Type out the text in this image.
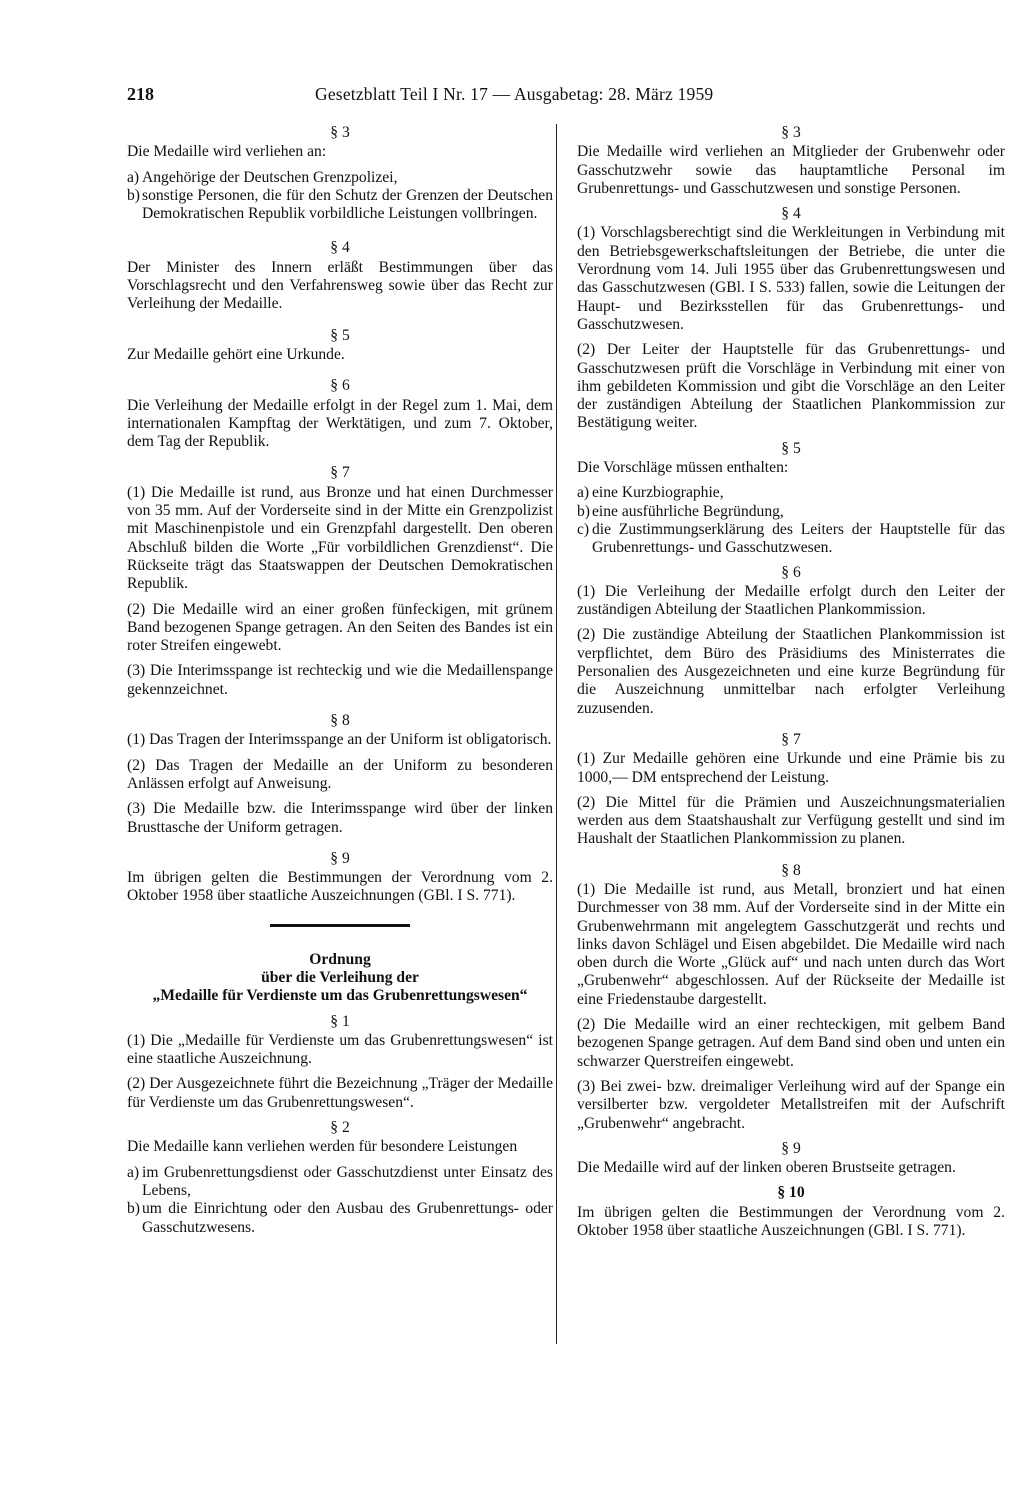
218	Gesetzblatt Teil I Nr. 17 — Ausgabetag: 28. März 1959
§ 3
Die Medaille wird verliehen an:
a) Angehörige der Deutschen Grenzpolizei,
b) sonstige Personen, die für den Schutz der Grenzen der Deutschen Demokratischen Republik vorbildliche Leistungen vollbringen.
§ 4
Der Minister des Innern erläßt Bestimmungen über das Vorschlagsrecht und den Verfahrensweg sowie über das Recht zur Verleihung der Medaille.
§ 5
Zur Medaille gehört eine Urkunde.
§ 6
Die Verleihung der Medaille erfolgt in der Regel zum 1. Mai, dem internationalen Kampftag der Werktätigen, und zum 7. Oktober, dem Tag der Republik.
§ 7
(1) Die Medaille ist rund, aus Bronze und hat einen Durchmesser von 35 mm. Auf der Vorderseite sind in der Mitte ein Grenzpolizist mit Maschinenpistole und ein Grenzpfahl dargestellt. Den oberen Abschluß bilden die Worte „Für vorbildlichen Grenzdienst“. Die Rückseite trägt das Staatswappen der Deutschen Demokratischen Republik.
(2) Die Medaille wird an einer großen fünfeckigen, mit grünem Band bezogenen Spange getragen. An den Seiten des Bandes ist ein roter Streifen eingewebt.
(3) Die Interimsspange ist rechteckig und wie die Medaillenspange gekennzeichnet.
§ 8
(1) Das Tragen der Interimsspange an der Uniform ist obligatorisch.
(2) Das Tragen der Medaille an der Uniform zu besonderen Anlässen erfolgt auf Anweisung.
(3) Die Medaille bzw. die Interimsspange wird über der linken Brusttasche der Uniform getragen.
§ 9
Im übrigen gelten die Bestimmungen der Verordnung vom 2. Oktober 1958 über staatliche Auszeichnungen (GBl. I S. 771).
Ordnung
über die Verleihung der
„Medaille für Verdienste um das Grubenrettungswesen“
§ 1
(1) Die „Medaille für Verdienste um das Grubenrettungswesen“ ist eine staatliche Auszeichnung.
(2) Der Ausgezeichnete führt die Bezeichnung „Träger der Medaille für Verdienste um das Grubenrettungswesen“.
§ 2
Die Medaille kann verliehen werden für besondere Leistungen
a) im Grubenrettungsdienst oder Gasschutzdienst unter Einsatz des Lebens,
b) um die Einrichtung oder den Ausbau des Grubenrettungs- oder Gasschutzwesens.
§ 3
Die Medaille wird verliehen an Mitglieder der Grubenwehr oder Gasschutzwehr sowie das hauptamtliche Personal im Grubenrettungs- und Gasschutzwesen und sonstige Personen.
§ 4
(1) Vorschlagsberechtigt sind die Werkleitungen in Verbindung mit den Betriebsgewerkschaftsleitungen der Betriebe, die unter die Verordnung vom 14. Juli 1955 über das Grubenrettungswesen und das Gasschutzwesen (GBl. I S. 533) fallen, sowie die Leitungen der Haupt- und Bezirksstellen für das Grubenrettungs- und Gasschutzwesen.
(2) Der Leiter der Hauptstelle für das Grubenrettungs- und Gasschutzwesen prüft die Vorschläge in Verbindung mit einer von ihm gebildeten Kommission und gibt die Vorschläge an den Leiter der zuständigen Abteilung der Staatlichen Plankommission zur Bestätigung weiter.
§ 5
Die Vorschläge müssen enthalten:
a) eine Kurzbiographie,
b) eine ausführliche Begründung,
c) die Zustimmungserklärung des Leiters der Hauptstelle für das Grubenrettungs- und Gasschutzwesen.
§ 6
(1) Die Verleihung der Medaille erfolgt durch den Leiter der zuständigen Abteilung der Staatlichen Plankommission.
(2) Die zuständige Abteilung der Staatlichen Plankommission ist verpflichtet, dem Büro des Präsidiums des Ministerrates die Personalien des Ausgezeichneten und eine kurze Begründung für die Auszeichnung unmittelbar nach erfolgter Verleihung zuzusenden.
§ 7
(1) Zur Medaille gehören eine Urkunde und eine Prämie bis zu 1000,— DM entsprechend der Leistung.
(2) Die Mittel für die Prämien und Auszeichnungsmaterialien werden aus dem Staatshaushalt zur Verfügung gestellt und sind im Haushalt der Staatlichen Plankommission zu planen.
§ 8
(1) Die Medaille ist rund, aus Metall, bronziert und hat einen Durchmesser von 38 mm. Auf der Vorderseite sind in der Mitte ein Grubenwehrmann mit angelegtem Gasschutzgerät und rechts und links davon Schlägel und Eisen abgebildet. Die Medaille wird nach oben durch die Worte „Glück auf“ und nach unten durch das Wort „Grubenwehr“ abgeschlossen. Auf der Rückseite der Medaille ist eine Friedenstaube dargestellt.
(2) Die Medaille wird an einer rechteckigen, mit gelbem Band bezogenen Spange getragen. Auf dem Band sind oben und unten ein schwarzer Querstreifen eingewebt.
(3) Bei zwei- bzw. dreimaliger Verleihung wird auf der Spange ein versilberter bzw. vergoldeter Metallstreifen mit der Aufschrift „Grubenwehr“ angebracht.
§ 9
Die Medaille wird auf der linken oberen Brustseite getragen.
§ 10
Im übrigen gelten die Bestimmungen der Verordnung vom 2. Oktober 1958 über staatliche Auszeichnungen (GBl. I S. 771).
